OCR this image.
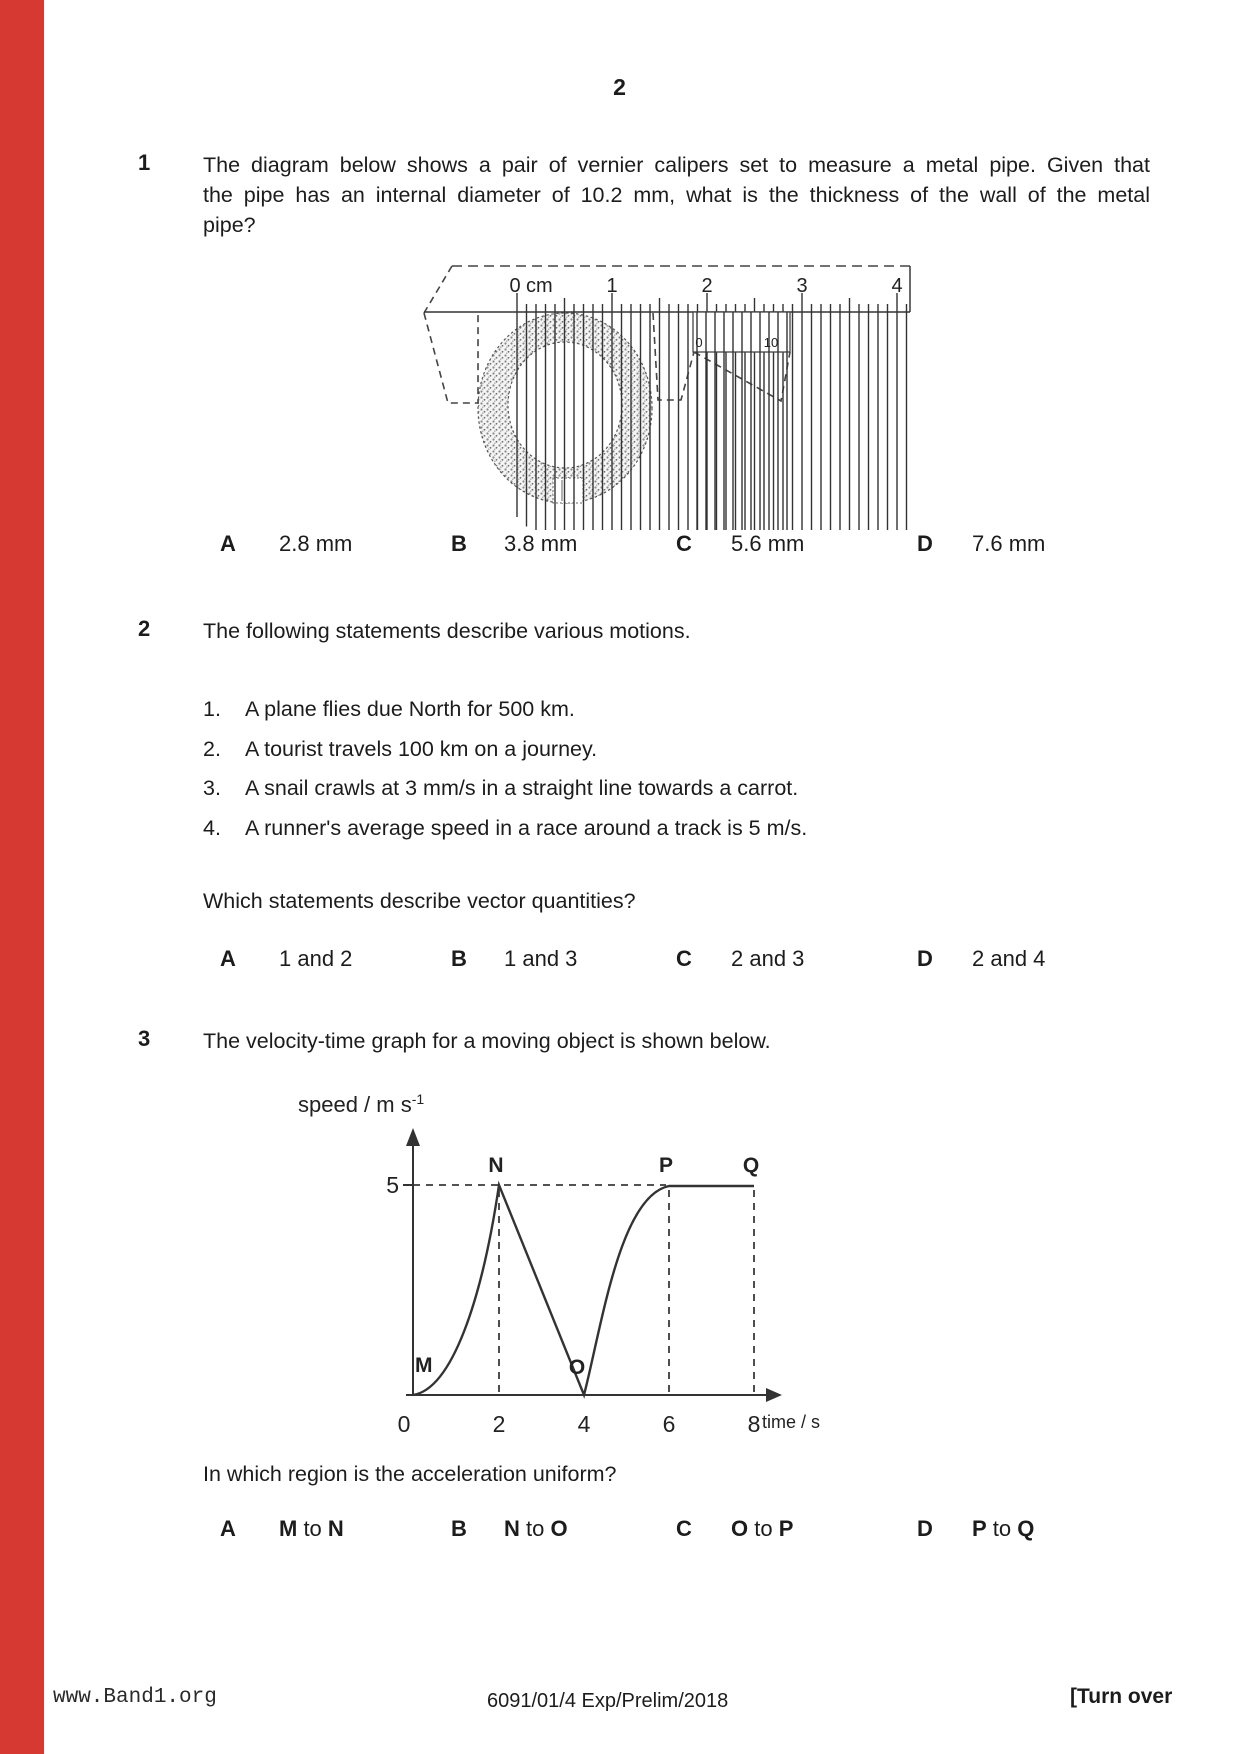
2
1	The diagram below shows a pair of vernier calipers set to measure a metal pipe. Given that
the pipe has an internal diameter of 10.2 mm, what is the thickness of the wall of the metal
pipe?
0 cm	1	2	3	4
0	10
A 2.8 mm	B 3.8 mm	C 5.6 mm	D 7.6 mm
2	The following statements describe various motions.
1. A plane flies due North for 500 km.
2. A tourist travels 100 km on a journey.
3. A snail crawls at 3 mm/s in a straight line towards a carrot.
4. A runner's average speed in a race around a track is 5 m/s.
Which statements describe vector quantities?
A 1 and 2	B 1 and 3	C 2 and 3	D 2 and 4
3	The velocity-time graph for a moving object is shown below.
speed / m $s^{-1}$
M
N
O
P	Q
5
0	2	4	6	8 time / s
In which region is the acceleration uniform?
A M to N	B N to O	C O to P	D P to Q
www.Band1.org	6091/01/4 Exp/Prelim/2018	[Turn over
